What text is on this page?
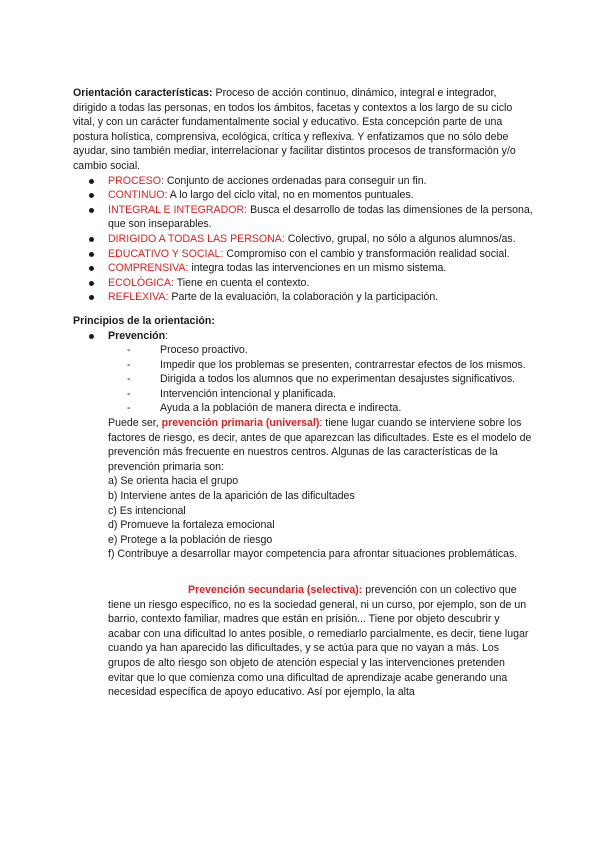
Orientación características: Proceso de acción continuo, dinámico, integral e integrador, dirigido a todas las personas, en todos los ámbitos, facetas y contextos a los largo de su ciclo vital, y con un carácter fundamentalmente social y educativo. Esta concepción parte de una postura holística, comprensiva, ecológica, crítica y reflexiva. Y enfatizamos que no sólo debe ayudar, sino también mediar, interrelacionar y facilitar distintos procesos de transformación y/o cambio social.

PROCESO: Conjunto de acciones ordenadas para conseguir un fin.
CONTINUO: A lo largo del ciclo vital, no en momentos puntuales.
INTEGRAL E INTEGRADOR: Busca el desarrollo de todas las dimensiones de la persona, que son inseparables.
DIRIGIDO A TODAS LAS PERSONA: Colectivo, grupal, no sólo a algunos alumnos/as.
EDUCATIVO Y SOCIAL: Compromiso con el cambio y transformación realidad social.
COMPRENSIVA: integra todas las intervenciones en un mismo sistema.
ECOLÓGICA: Tiene en cuenta el contexto.
REFLEXIVA: Parte de la evaluación, la colaboración y la participación.

Principios de la orientación:

Prevención:
- Proceso proactivo.
- Impedir que los problemas se presenten, contrarrestar efectos de los mismos.
- Dirigida a todos los alumnos que no experimentan desajustes significativos.
- Intervención intencional y planificada.
- Ayuda a la población de manera directa e indirecta.

Puede ser, prevención primaria (universal): tiene lugar cuando se interviene sobre los factores de riesgo, es decir, antes de que aparezcan las dificultades. Este es el modelo de prevención más frecuente en nuestros centros. Algunas de las características de la prevención primaria son:

a) Se orienta hacia el grupo

b) Interviene antes de la aparición de las dificultades

c) Es intencional

d) Promueve la fortaleza emocional

e) Protege a la población de riesgo

f) Contribuye a desarrollar mayor competencia para afrontar situaciones problemáticas.

Prevención secundaria (selectiva): prevención con un colectivo que tiene un riesgo específico, no es la sociedad general, ni un curso, por ejemplo, son de un barrio, contexto familiar, madres que están en prisión... Tiene por objeto descubrir y acabar con una dificultad lo antes posible, o remediarlo parcialmente, es decir, tiene lugar cuando ya han aparecido las dificultades, y se actúa para que no vayan a más. Los grupos de alto riesgo son objeto de atención especial y las intervenciones pretenden evitar que lo que comienza como una dificultad de aprendizaje acabe generando una necesidad específica de apoyo educativo. Así por ejemplo, la alta
